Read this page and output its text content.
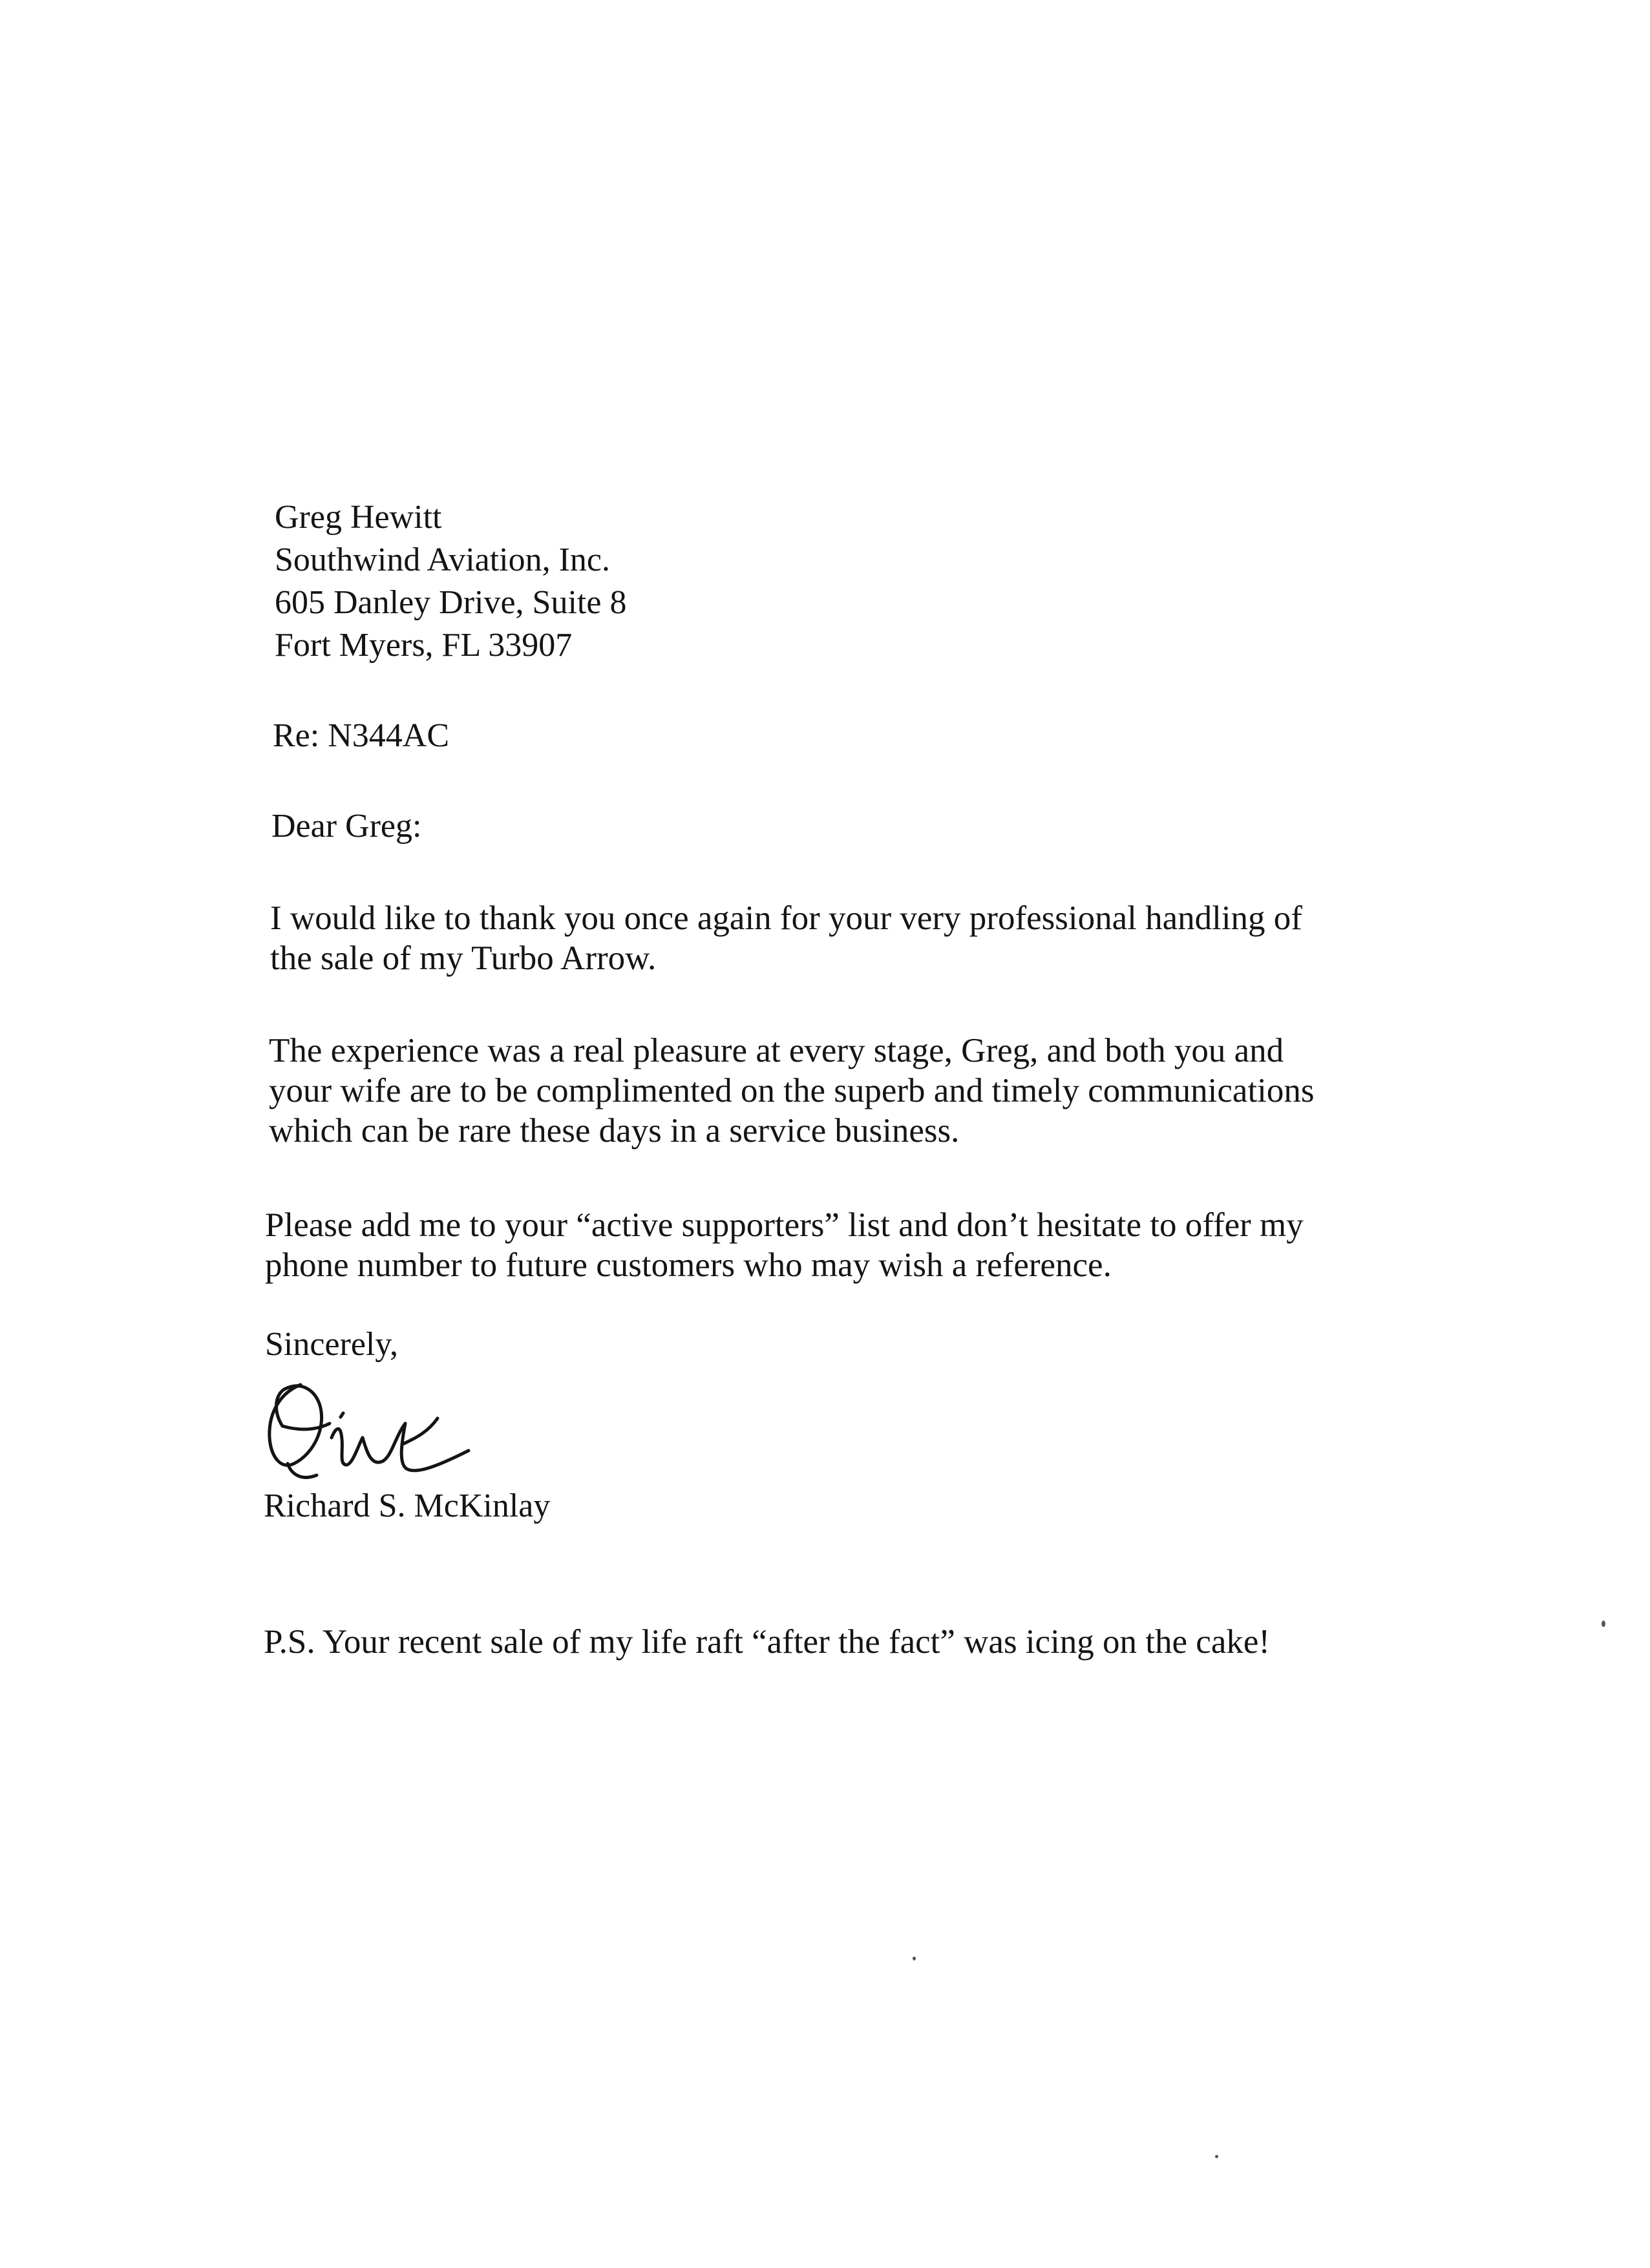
Greg Hewitt

Southwind Aviation, Inc.

605 Danley Drive, Suite 8

Fort Myers, FL 33907

Re: N344AC

Dear Greg:

I would like to thank you once again for your very professional handling of

the sale of my Turbo Arrow.

The experience was a real pleasure at every stage, Greg, and both you and

your wife are to be complimented on the superb and timely communications

which can be rare these days in a service business.

Please add me to your “active supporters” list and don’t hesitate to offer my

phone number to future customers who may wish a reference.

Sincerely,

Richard S. McKinlay

P.S. Your recent sale of my life raft “after the fact” was icing on the cake!
